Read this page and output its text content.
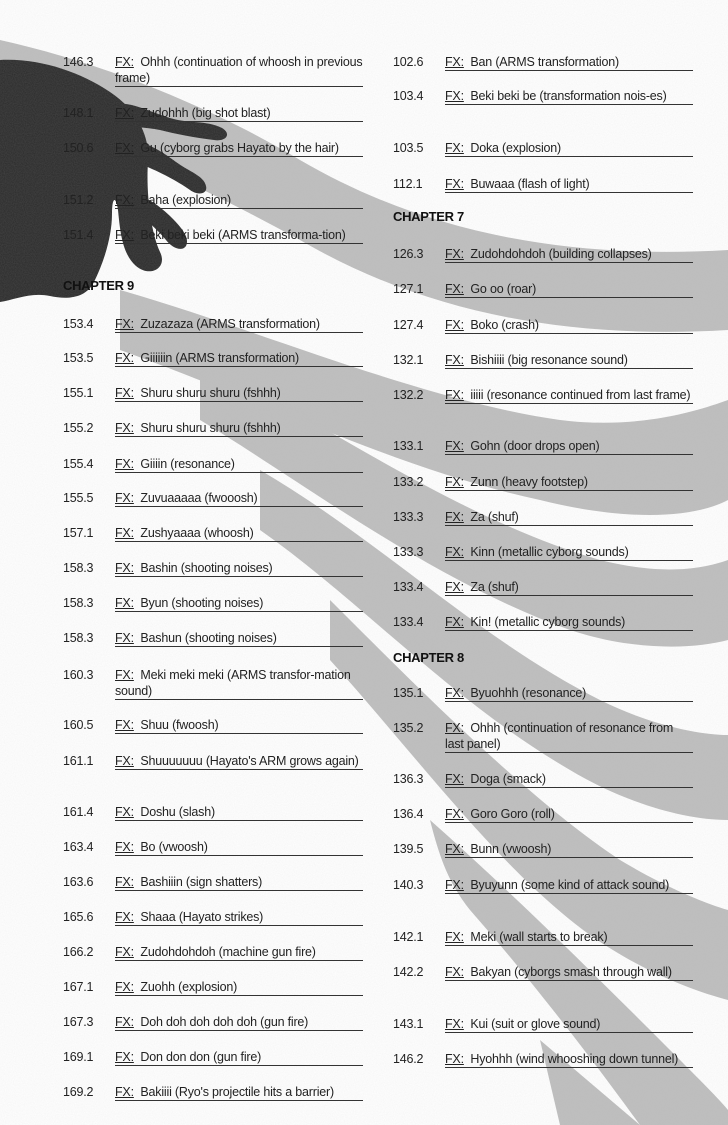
146.3	FX: Ohhh (continuation of whoosh in previous frame)
148.1	FX: Zudohhh (big shot blast)
150.6	FX: Gu (cyborg grabs Hayato by the hair)
151.2	FX: Baha (explosion)
151.4	FX: Beki beki beki (ARMS transforma-tion)
CHAPTER 9
153.4	FX: Zuzazaza (ARMS transformation)
153.5	FX: Giiiiiin (ARMS transformation)
155.1	FX: Shuru shuru shuru (fshhh)
155.2	FX: Shuru shuru shuru (fshhh)
155.4	FX: Giiiin (resonance)
155.5	FX: Zuvuaaaaa (fwooosh)
157.1	FX: Zushyaaaa (whoosh)
158.3	FX: Bashin (shooting noises)
158.3	FX: Byun (shooting noises)
158.3	FX: Bashun (shooting noises)
160.3	FX: Meki meki meki (ARMS transfor-mation sound)
160.5	FX: Shuu (fwoosh)
161.1	FX: Shuuuuuuu (Hayato's ARM grows again)
161.4	FX: Doshu (slash)
163.4	FX: Bo (vwoosh)
163.6	FX: Bashiiin (sign shatters)
165.6	FX: Shaaa (Hayato strikes)
166.2	FX: Zudohdohdoh (machine gun fire)
167.1	FX: Zuohh (explosion)
167.3	FX: Doh doh doh doh doh (gun fire)
169.1	FX: Don don don (gun fire)
169.2	FX: Bakiiii (Ryo's projectile hits a barrier)
102.6	FX: Ban (ARMS transformation)
103.4	FX: Beki beki be (transformation nois-es)
103.5	FX: Doka (explosion)
112.1	FX: Buwaaa (flash of light)
CHAPTER 7
126.3	FX: Zudohdohdoh (building collapses)
127.1	FX: Go oo (roar)
127.4	FX: Boko (crash)
132.1	FX: Bishiiii (big resonance sound)
132.2	FX: iiiii (resonance continued from last frame)
133.1	FX: Gohn (door drops open)
133.2	FX: Zunn (heavy footstep)
133.3	FX: Za (shuf)
133.3	FX: Kinn (metallic cyborg sounds)
133.4	FX: Za (shuf)
133.4	FX: Kin! (metallic cyborg sounds)
CHAPTER 8
135.1	FX: Byuohhh (resonance)
135.2	FX: Ohhh (continuation of resonance from last panel)
136.3	FX: Doga (smack)
136.4	FX: Goro Goro (roll)
139.5	FX: Bunn (vwoosh)
140.3	FX: Byuyunn (some kind of attack sound)
142.1	FX: Meki (wall starts to break)
142.2	FX: Bakyan (cyborgs smash through wall)
143.1	FX: Kui (suit or glove sound)
146.2	FX: Hyohhh (wind whooshing down tunnel)
